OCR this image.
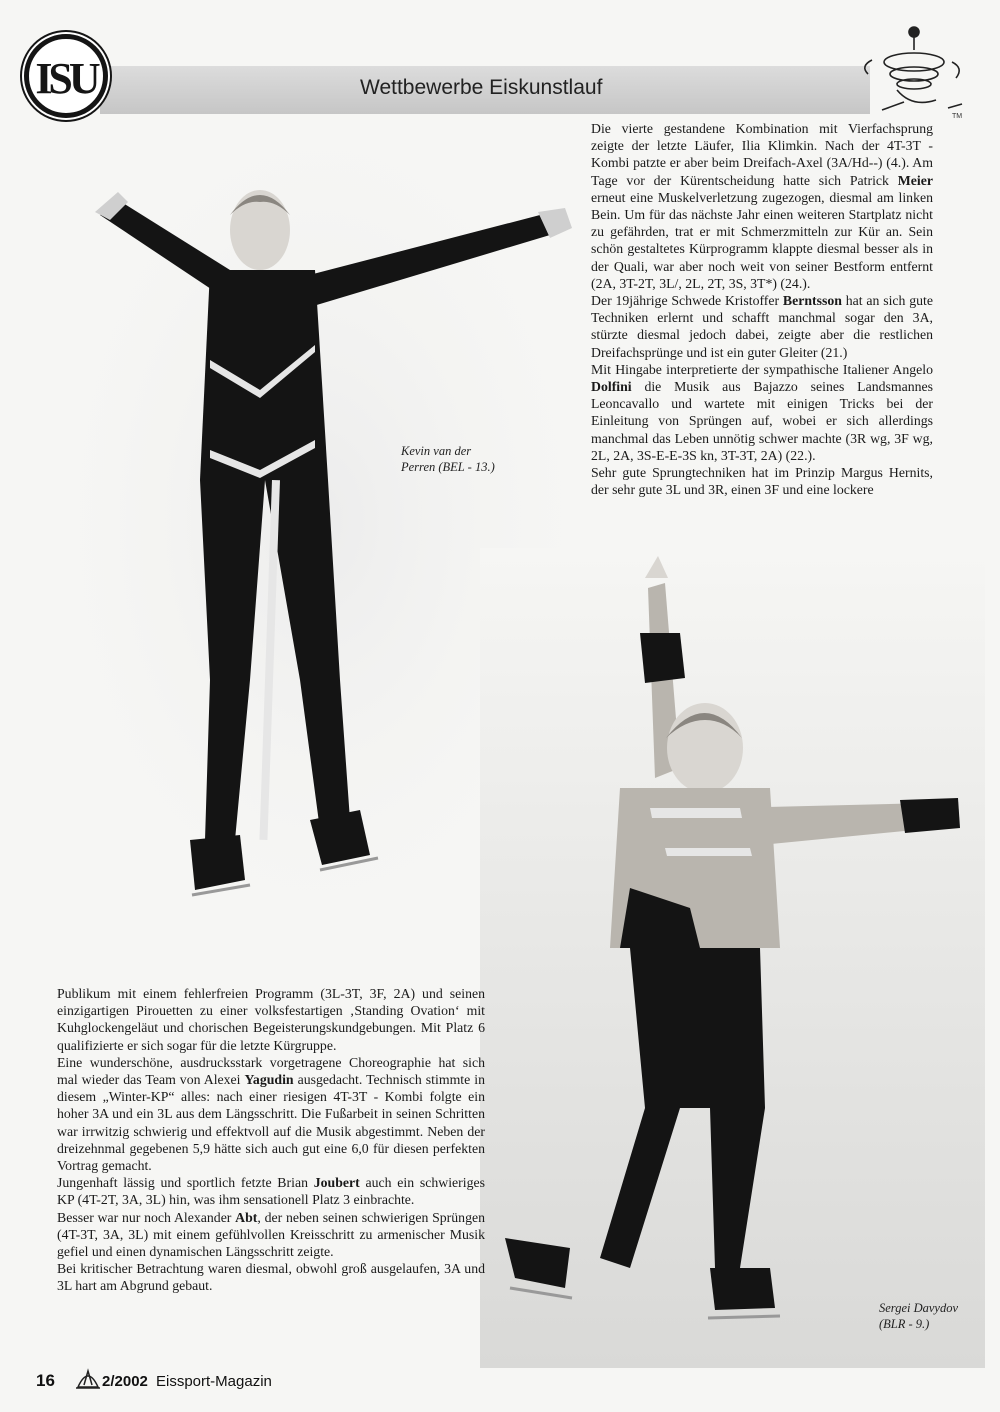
ISU	Wettbewerbe Eiskunstlauf
TM

Die vierte gestandene Kombination mit Vierfachsprung zeigte der letzte Läufer, Ilia Klimkin. Nach der 4T-3T - Kombi patzte er aber beim Dreifach-Axel (3A/Hd--) (4.). Am Tage vor der Kürentscheidung hatte sich Patrick Meier erneut eine Muskelverletzung zugezogen, diesmal am linken Bein. Um für das nächste Jahr einen weiteren Startplatz nicht zu gefährden, trat er mit Schmerzmitteln zur Kür an. Sein schön gestaltetes Kürprogramm klappte diesmal besser als in der Quali, war aber noch weit von seiner Bestform entfernt (2A, 3T-2T, 3L/, 2L, 2T, 3S, 3T*) (24.).

Der 19jährige Schwede Kristoffer Berntsson hat an sich gute Techniken erlernt und schafft manchmal sogar den 3A, stürzte diesmal jedoch dabei, zeigte aber die restlichen Dreifachsprünge und ist ein guter Gleiter (21.)

Mit Hingabe interpretierte der sympathische Italiener Angelo Dolfini die Musik aus Bajazzo seines Landsmannes Leoncavallo und wartete mit einigen Tricks bei der Einleitung von Sprüngen auf, wobei er sich allerdings manchmal das Leben unnötig schwer machte (3R wg, 3F wg, 2L, 2A, 3S-E-E-3S kn, 3T-3T, 2A) (22.).

Sehr gute Sprungtechniken hat im Prinzip Margus Hernits, der sehr gute 3L und 3R, einen 3F und eine lockere

Kevin van der
Perren (BEL - 13.)
Sergei Davydov
(BLR - 9.)

Publikum mit einem fehlerfreien Programm (3L-3T, 3F, 2A) und seinen einzigartigen Pirouetten zu einer volksfestartigen ‚Standing Ovation‘ mit Kuhglockengeläut und chorischen Begeisterungskundgebungen. Mit Platz 6 qualifizierte er sich sogar für die letzte Kürgruppe.

Eine wunderschöne, ausdrucksstark vorgetragene Choreographie hat sich mal wieder das Team von Alexei Yagudin ausgedacht. Technisch stimmte in diesem „Winter-KP“ alles: nach einer riesigen 4T-3T - Kombi folgte ein hoher 3A und ein 3L aus dem Längsschritt. Die Fußarbeit in seinen Schritten war irrwitzig schwierig und effektvoll auf die Musik abgestimmt. Neben der dreizehnmal gegebenen 5,9 hätte sich auch gut eine 6,0 für diesen perfekten Vortrag gemacht.

Jungenhaft lässig und sportlich fetzte Brian Joubert auch ein schwieriges KP (4T-2T, 3A, 3L) hin, was ihm sensationell Platz 3 einbrachte.

Besser war nur noch Alexander Abt, der neben seinen schwierigen Sprüngen (4T-3T, 3A, 3L) mit einem gefühlvollen Kreisschritt zu armenischer Musik gefiel und einen dynamischen Längsschritt zeigte.

Bei kritischer Betrachtung waren diesmal, obwohl groß ausgelaufen, 3A und 3L hart am Abgrund gebaut.

16	2/2002 Eissport-Magazin
